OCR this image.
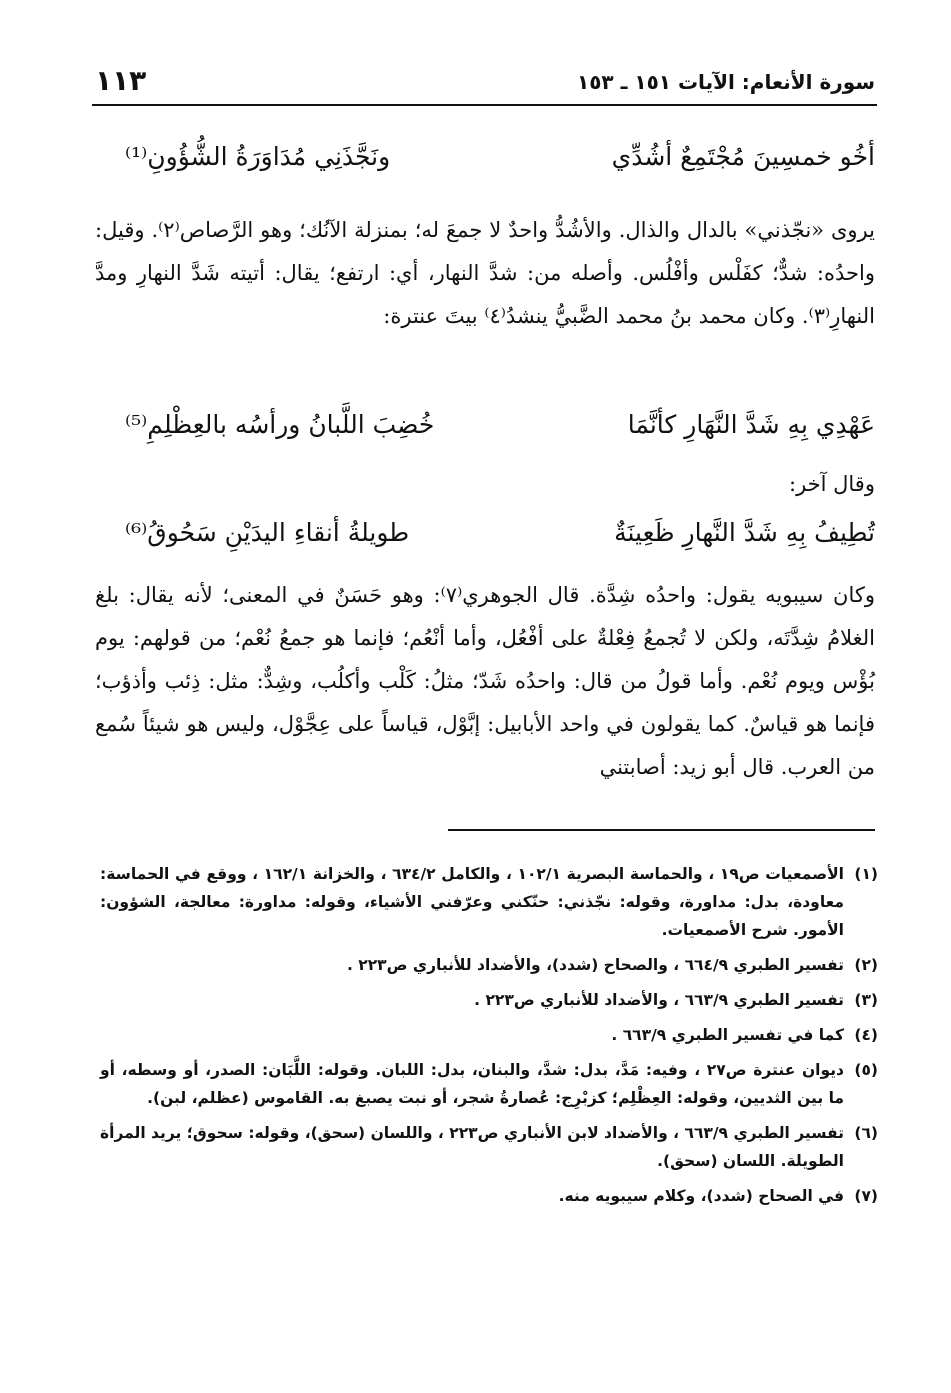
سورة الأنعام: الآيات ١٥١ ـ ١٥٣
١١٣
أخُو خمسِينَ مُجْتَمِعٌ أشُدِّي
ونَجَّذَنِي مُدَاوَرَةُ الشُّؤُونِ⁽¹⁾

يروى «نجّذني» بالدال والذال. والأشُدُّ واحدٌ لا جمعَ له؛ بمنزلة الآنُك؛ وهو الرَّصاص⁽٢⁾. وقيل: واحدُه: شدٌّ؛ كفَلْس وأفْلُس. وأصله من: شدَّ النهار، أي: ارتفع؛ يقال: أتيته شَدَّ النهارِ ومدَّ النهارِ⁽٣⁾. وكان محمد بنُ محمد الضَّبيُّ ينشدُ⁽٤⁾ بيتَ عنترة:

عَهْدِي بِهِ شَدَّ النَّهَارِ كأنَّمَا
خُضِبَ اللَّبانُ ورأسُه بالعِظْلِمِ⁽⁵⁾

وقال آخر:

تُطِيفُ بِهِ شَدَّ النَّهارِ ظَعِينَةٌ
طويلةُ أنقاءِ اليدَيْنِ سَحُوقُ⁽⁶⁾

وكان سيبويه يقول: واحدُه شِدَّة. قال الجوهري⁽٧⁾: وهو حَسَنٌ في المعنى؛ لأنه يقال: بلغ الغلامُ شِدَّتَه، ولكن لا تُجمعُ فِعْلةٌ على أفْعُل، وأما أنْعُم؛ فإنما هو جمعُ نُعْم؛ من قولهم: يوم بُؤْس ويوم نُعْم. وأما قولُ من قال: واحدُه شَدّ؛ مثلُ: كَلْب وأكلُب، وشِدٌّ: مثل: ذِئب وأذؤب؛ فإنما هو قياسٌ. كما يقولون في واحد الأبابيل: إبَّوْل، قياساً على عِجَّوْل، وليس هو شيئاً سُمع من العرب. قال أبو زيد: أصابتني

(١)
الأصمعيات ص١٩ ، والحماسة البصرية ١٠٢/١ ، والكامل ٦٣٤/٢ ، والخزانة ١٦٢/١ ، ووقع في الحماسة: معاودة، بدل: مداورة، وقوله: نجّذني: حنّكني وعرّفني الأشياء، وقوله: مداورة: معالجة، الشؤون: الأمور. شرح الأصمعيات.
(٢)
تفسير الطبري ٦٦٤/٩ ، والصحاح (شدد)، والأضداد للأنباري ص٢٢٣ .
(٣)
تفسير الطبري ٦٦٣/٩ ، والأضداد للأنباري ص٢٢٣ .
(٤)
كما في تفسير الطبري ٦٦٣/٩ .
(٥)
ديوان عنترة ص٢٧ ، وفيه: مَدَّ، بدل: شدَّ، والبنان، بدل: اللبان. وقوله: اللَّبَان: الصدر، أو وسطه، أو ما بين الثديين، وقوله: العِظْلِم؛ كزبْرِج: عُصارةُ شجر، أو نبت يصبغ به. القاموس (عظلم، لبن).
(٦)
تفسير الطبري ٦٦٣/٩ ، والأضداد لابن الأنباري ص٢٢٣ ، واللسان (سحق)، وقوله: سحوق؛ يريد المرأة الطويلة. اللسان (سحق).
(٧)
في الصحاح (شدد)، وكلام سيبويه منه.
